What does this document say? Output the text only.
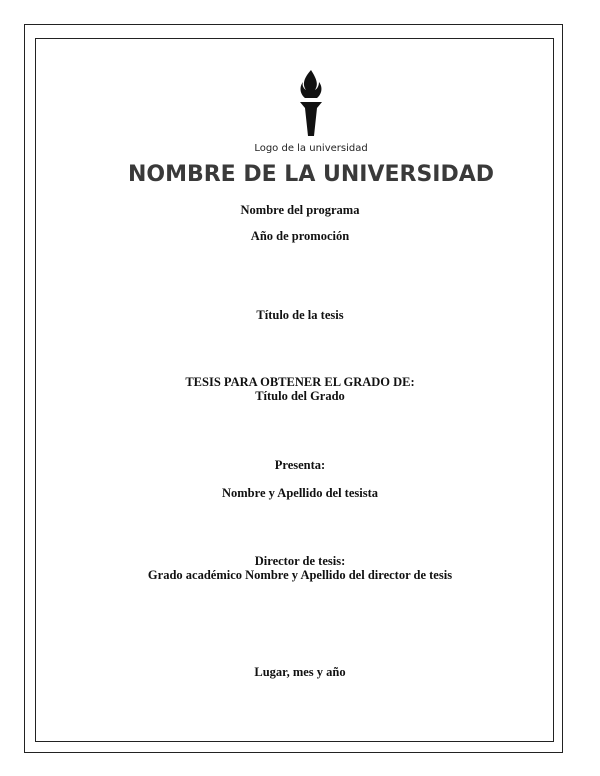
Logo de la universidad
NOMBRE DE LA UNIVERSIDAD
Nombre del programa
Año de promoción
Título de la tesis
TESIS PARA OBTENER EL GRADO DE:
Título del Grado
Presenta:
Nombre y Apellido del tesista
Director de tesis:
Grado académico Nombre y Apellido del director de tesis
Lugar, mes y año
